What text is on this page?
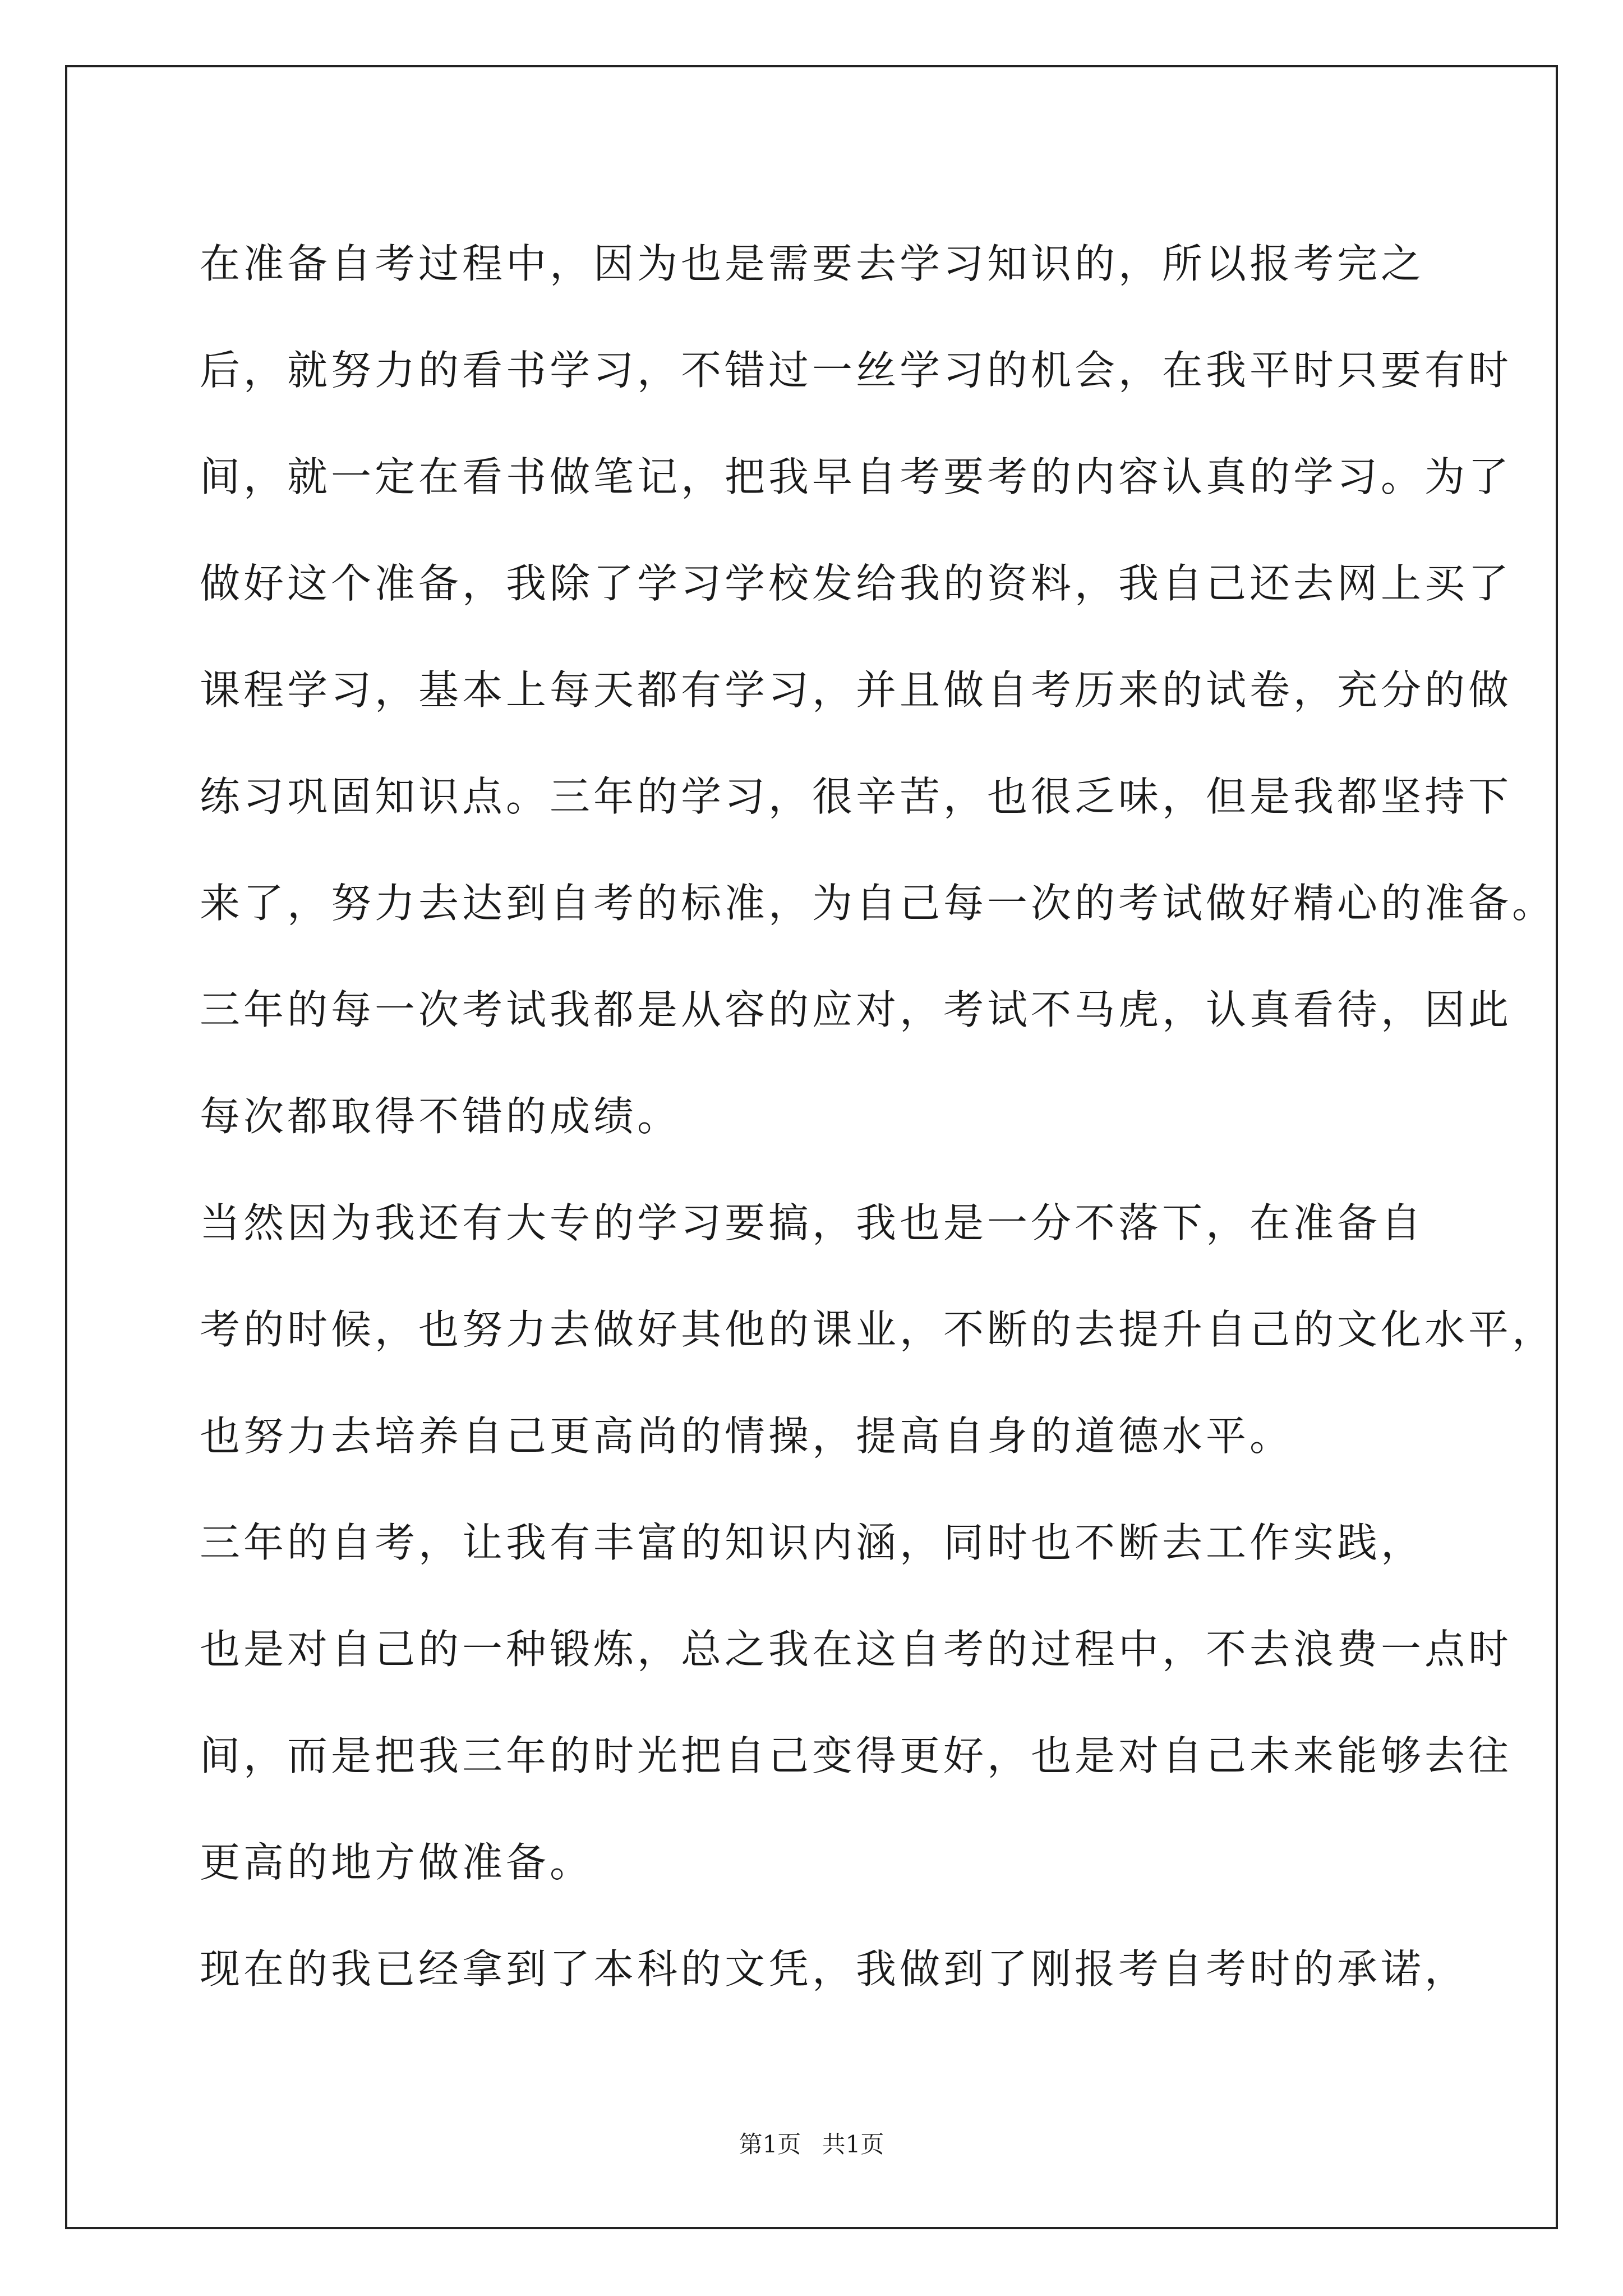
在准备自考过程中，因为也是需要去学习知识的，所以报考完之
后，就努力的看书学习，不错过一丝学习的机会，在我平时只要有时
间，就一定在看书做笔记，把我早自考要考的内容认真的学习。为了
做好这个准备，我除了学习学校发给我的资料，我自己还去网上买了
课程学习，基本上每天都有学习，并且做自考历来的试卷，充分的做
练习巩固知识点。三年的学习，很辛苦，也很乏味，但是我都坚持下
来了，努力去达到自考的标准，为自己每一次的考试做好精心的准备。
三年的每一次考试我都是从容的应对，考试不马虎，认真看待，因此
每次都取得不错的成绩。
当然因为我还有大专的学习要搞，我也是一分不落下，在准备自
考的时候，也努力去做好其他的课业，不断的去提升自己的文化水平，
也努力去培养自己更高尚的情操，提高自身的道德水平。
三年的自考，让我有丰富的知识内涵，同时也不断去工作实践，
也是对自己的一种锻炼，总之我在这自考的过程中，不去浪费一点时
间，而是把我三年的时光把自己变得更好，也是对自己未来能够去往
更高的地方做准备。
现在的我已经拿到了本科的文凭，我做到了刚报考自考时的承诺，
第1页 共1页
